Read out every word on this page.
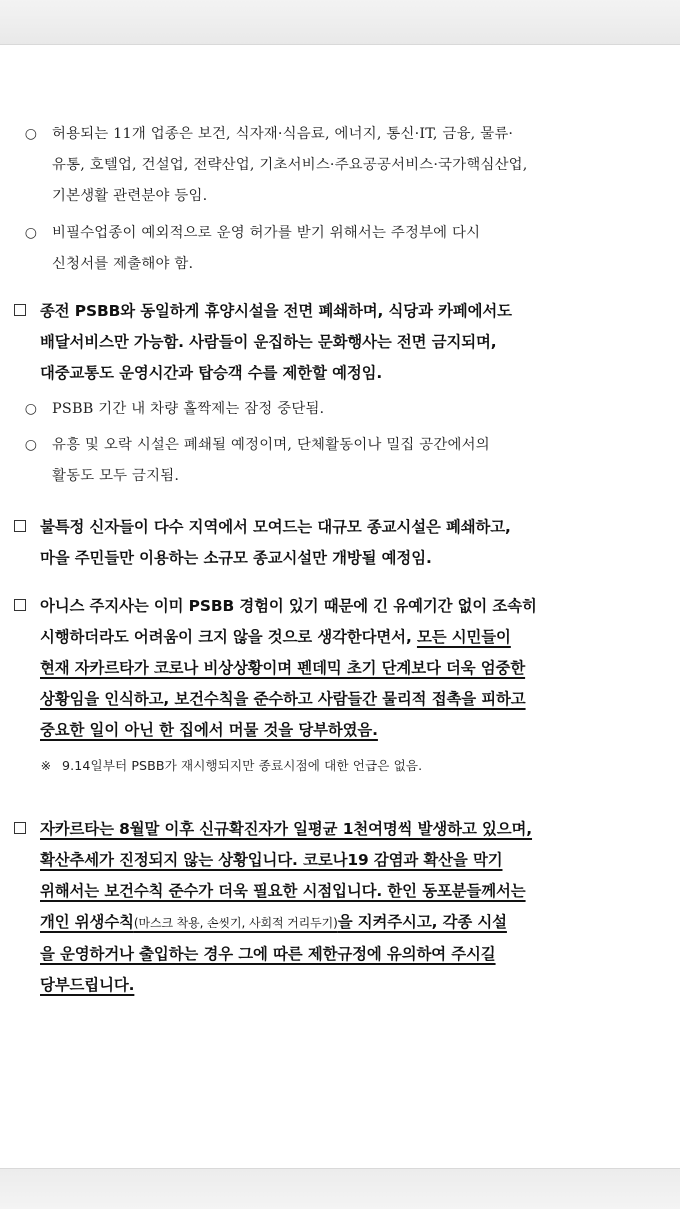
○	허용되는 11개 업종은 보건, 식자재·식음료, 에너지, 통신·IT, 금융, 물류·
유통, 호텔업, 건설업, 전략산업, 기초서비스·주요공공서비스·국가핵심산업,
기본생활 관련분야 등임.
○	비필수업종이 예외적으로 운영 허가를 받기 위해서는 주정부에 다시
신청서를 제출해야 함.
종전 PSBB와 동일하게 휴양시설을 전면 폐쇄하며, 식당과 카페에서도
배달서비스만 가능함. 사람들이 운집하는 문화행사는 전면 금지되며,
대중교통도 운영시간과 탑승객 수를 제한할 예정임.
○	PSBB 기간 내 차량 홀짝제는 잠정 중단됨.
○	유흥 및 오락 시설은 폐쇄될 예정이며, 단체활동이나 밀집 공간에서의
활동도 모두 금지됨.
불특정 신자들이 다수 지역에서 모여드는 대규모 종교시설은 폐쇄하고,
마을 주민들만 이용하는 소규모 종교시설만 개방될 예정임.
아니스 주지사는 이미 PSBB 경험이 있기 때문에 긴 유예기간 없이 조속히
시행하더라도 어려움이 크지 않을 것으로 생각한다면서, 모든 시민들이
현재 자카르타가 코로나 비상상황이며 펜데믹 초기 단계보다 더욱 엄중한
상황임을 인식하고, 보건수칙을 준수하고 사람들간 물리적 접촉을 피하고
중요한 일이 아닌 한 집에서 머물 것을 당부하였음.
※ 9.14일부터 PSBB가 재시행되지만 종료시점에 대한 언급은 없음.
자카르타는 8월말 이후 신규확진자가 일평균 1천여명씩 발생하고 있으며,
확산추세가 진정되지 않는 상황입니다. 코로나19 감염과 확산을 막기
위해서는 보건수칙 준수가 더욱 필요한 시점입니다. 한인 동포분들께서는
개인 위생수칙(마스크 착용, 손씻기, 사회적 거리두기)을 지켜주시고, 각종 시설
을 운영하거나 출입하는 경우 그에 따른 제한규정에 유의하여 주시길
당부드립니다.
